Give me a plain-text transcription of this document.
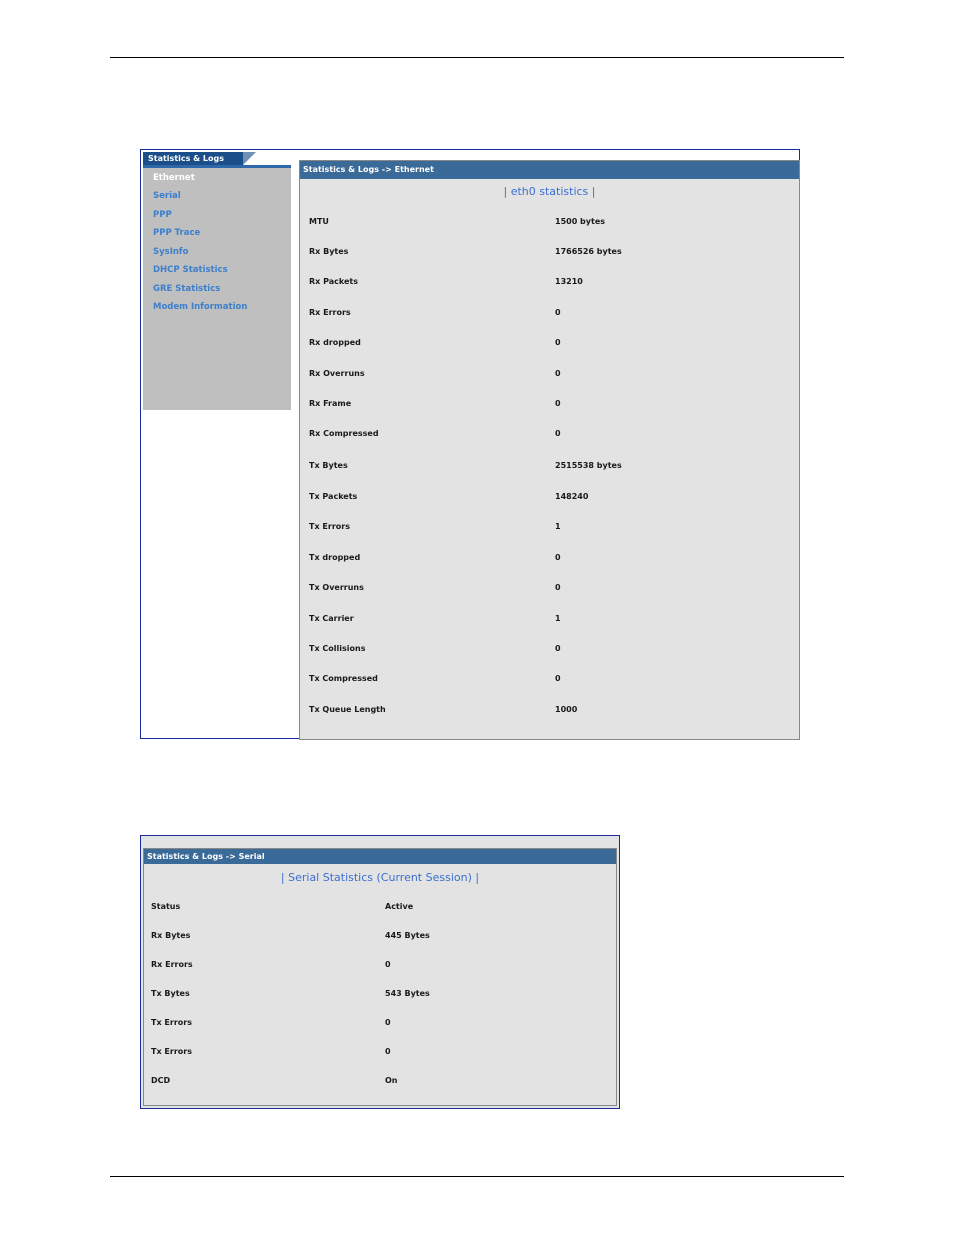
Statistics & Logs
Ethernet
Serial
PPP
PPP Trace
SysInfo
DHCP Statistics
GRE Statistics
Modem Information
Statistics & Logs -> Ethernet
| eth0 statistics |
MTU	1500 bytes
Rx Bytes	1766526 bytes
Rx Packets	13210
Rx Errors	0
Rx dropped	0
Rx Overruns	0
Rx Frame	0
Rx Compressed	0
Tx Bytes	2515538 bytes
Tx Packets	148240
Tx Errors	1
Tx dropped	0
Tx Overruns	0
Tx Carrier	1
Tx Collisions	0
Tx Compressed	0
Tx Queue Length	1000
Statistics & Logs -> Serial
| Serial Statistics (Current Session) |
Status	Active
Rx Bytes	445 Bytes
Rx Errors	0
Tx Bytes	543 Bytes
Tx Errors	0
Tx Errors	0
DCD	On
